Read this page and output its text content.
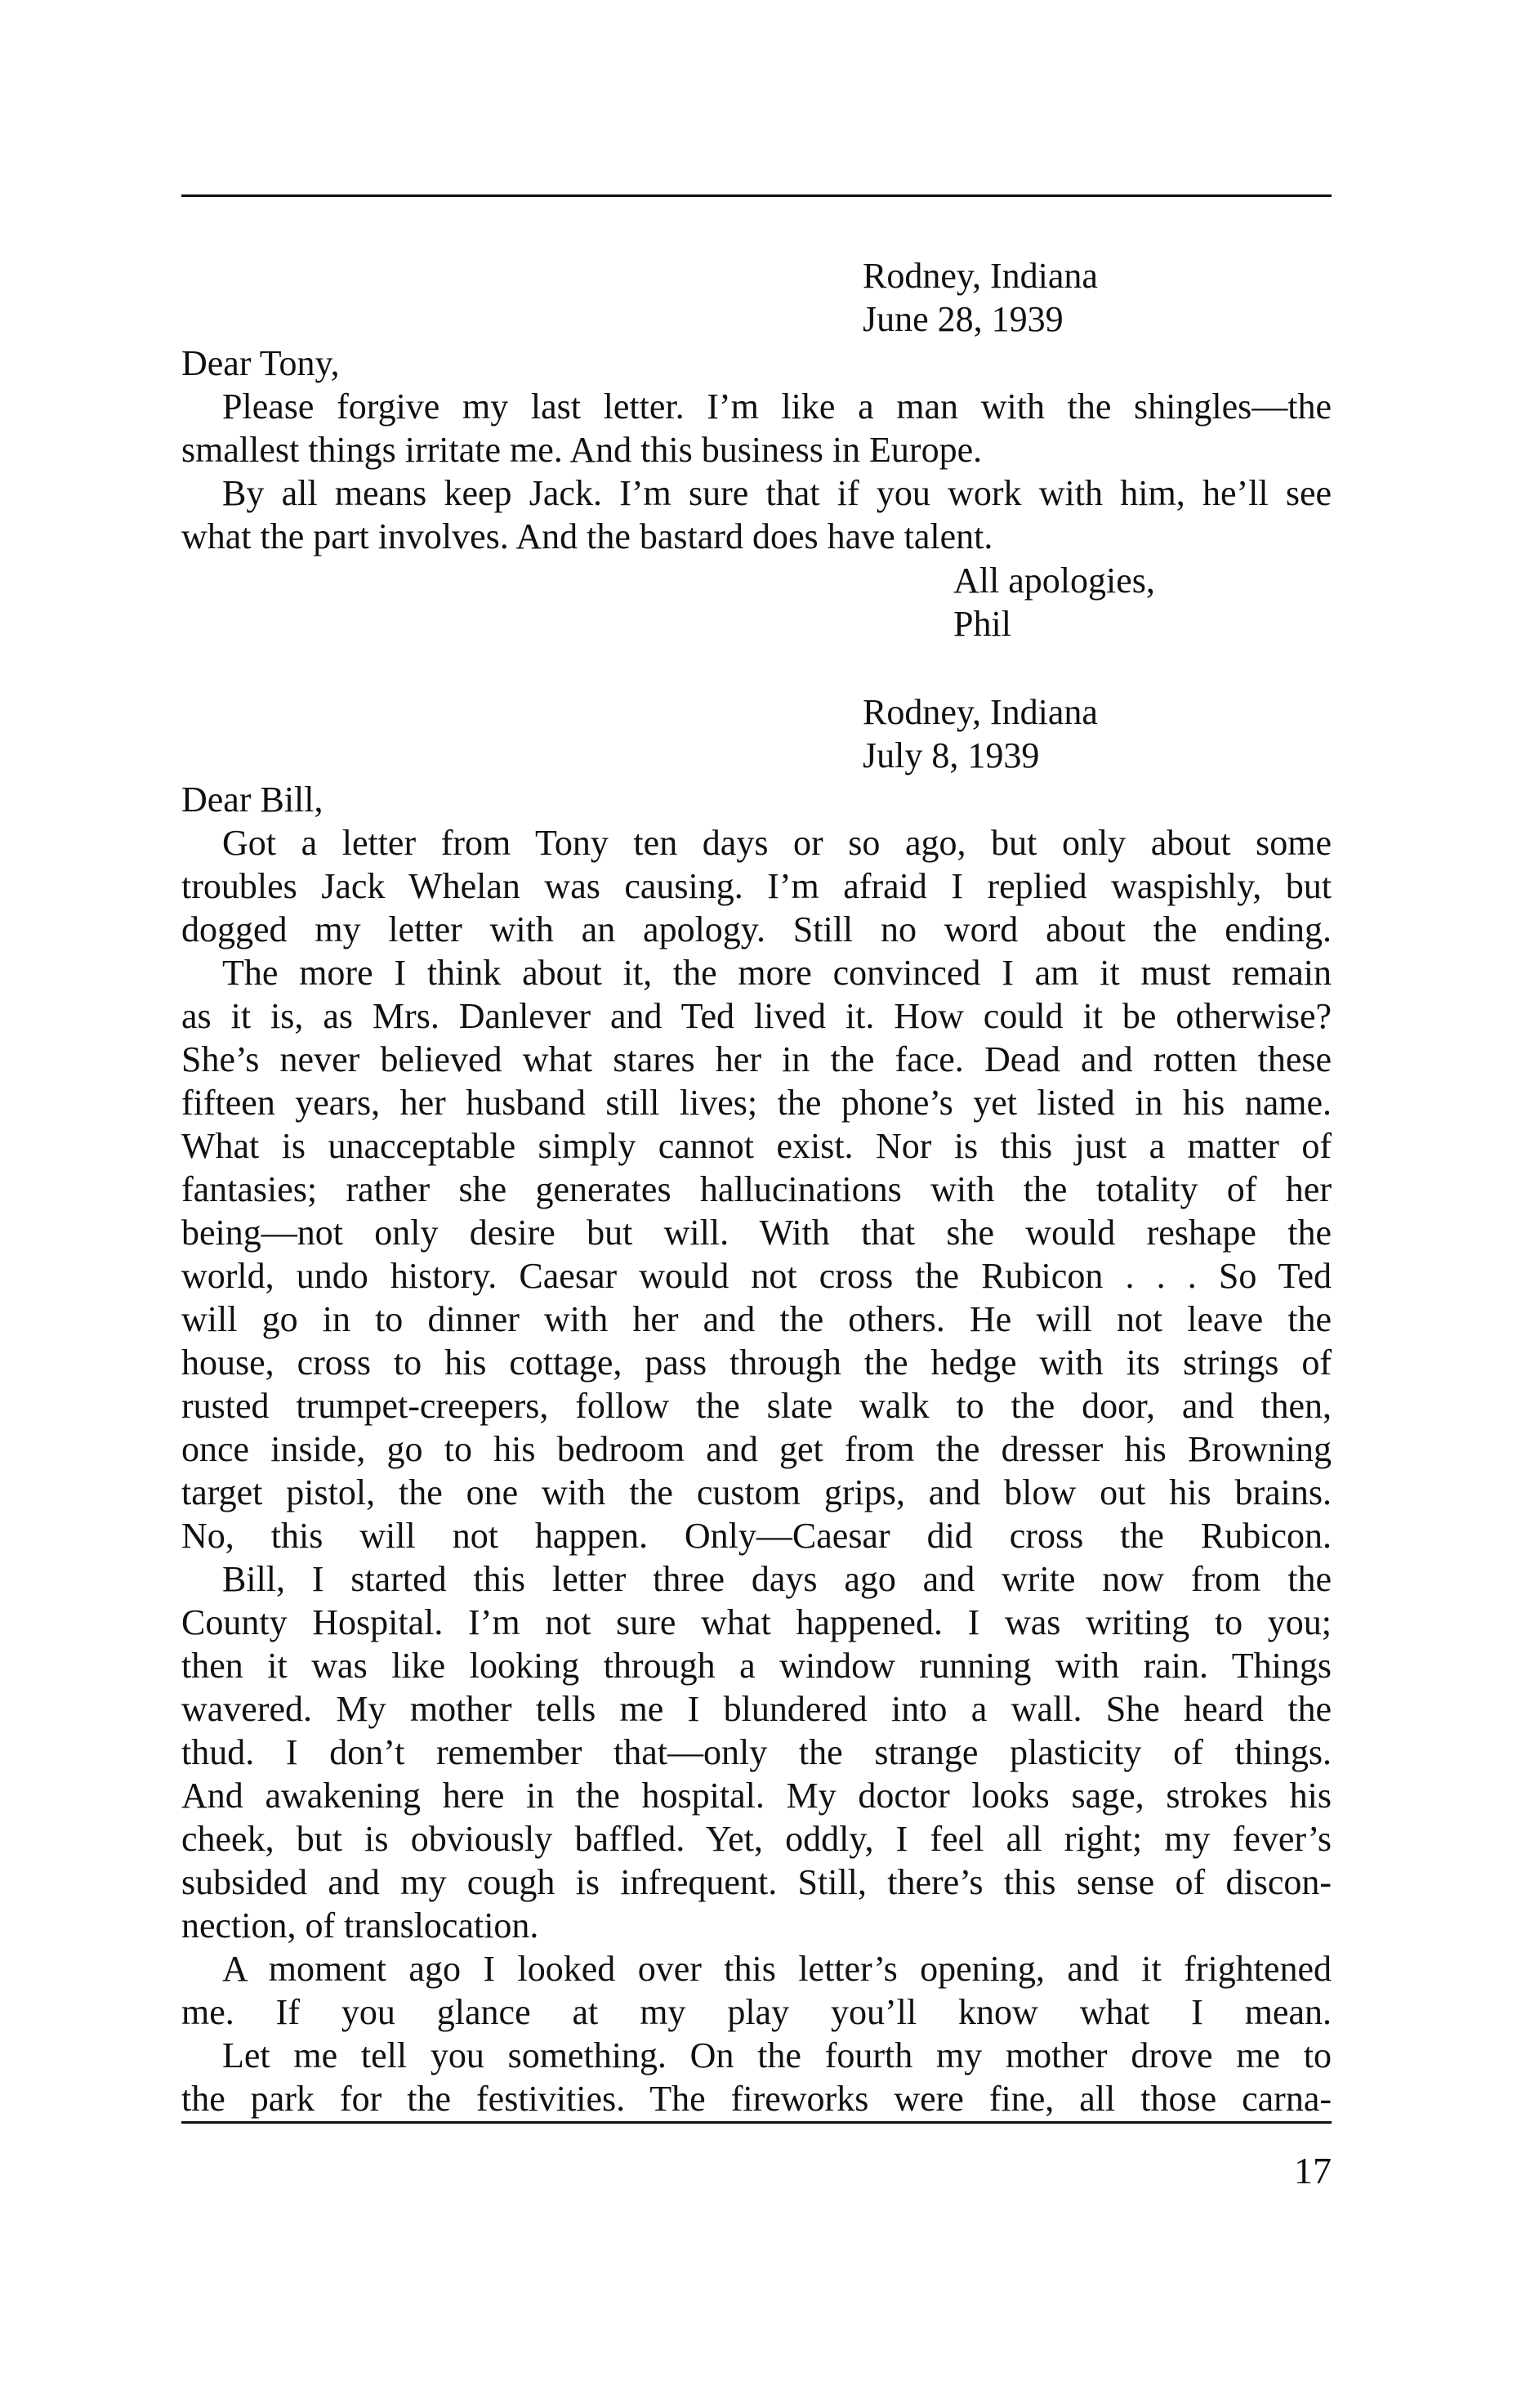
Rodney, Indiana
June 28, 1939
Dear Tony,
Please forgive my last letter. I’m like a man with the shingles—the
smallest things irritate me. And this business in Europe.
By all means keep Jack. I’m sure that if you work with him, he’ll see
what the part involves. And the bastard does have talent.
All apologies,
Phil
Rodney, Indiana
July 8, 1939
Dear Bill,
Got a letter from Tony ten days or so ago, but only about some
troubles Jack Whelan was causing. I’m afraid I replied waspishly, but
dogged my letter with an apology. Still no word about the ending.
The more I think about it, the more convinced I am it must remain
as it is, as Mrs. Danlever and Ted lived it. How could it be otherwise?
She’s never believed what stares her in the face. Dead and rotten these
fifteen years, her husband still lives; the phone’s yet listed in his name.
What is unacceptable simply cannot exist. Nor is this just a matter of
fantasies; rather she generates hallucinations with the totality of her
being—not only desire but will. With that she would reshape the
world, undo history. Caesar would not cross the Rubicon . . . So Ted
will go in to dinner with her and the others. He will not leave the
house, cross to his cottage, pass through the hedge with its strings of
rusted trumpet-creepers, follow the slate walk to the door, and then,
once inside, go to his bedroom and get from the dresser his Browning
target pistol, the one with the custom grips, and blow out his brains.
No, this will not happen. Only—Caesar did cross the Rubicon.
Bill, I started this letter three days ago and write now from the
County Hospital. I’m not sure what happened. I was writing to you;
then it was like looking through a window running with rain. Things
wavered. My mother tells me I blundered into a wall. She heard the
thud. I don’t remember that—only the strange plasticity of things.
And awakening here in the hospital. My doctor looks sage, strokes his
cheek, but is obviously baffled. Yet, oddly, I feel all right; my fever’s
subsided and my cough is infrequent. Still, there’s this sense of discon-
nection, of translocation.
A moment ago I looked over this letter’s opening, and it frightened
me. If you glance at my play you’ll know what I mean.
Let me tell you something. On the fourth my mother drove me to
the park for the festivities. The fireworks were fine, all those carna-
17
